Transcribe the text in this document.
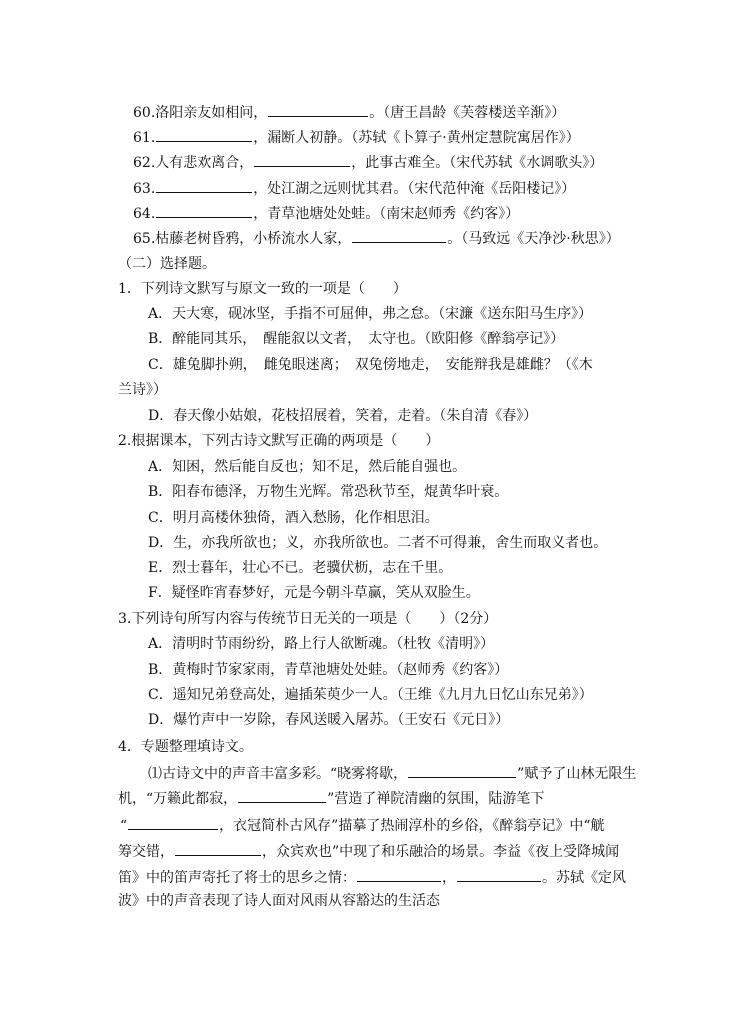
60.洛阳亲友如相问，	。（唐王昌龄《芙蓉楼送辛渐》）
61.	，漏断人初静。（苏轼《卜算子·黄州定慧院寓居作》）
62.人有悲欢离合，	，此事古难全。（宋代苏轼《水调歌头》）
63.	，处江湖之远则忧其君。（宋代范仲淹《岳阳楼记》）
64.	，青草池塘处处蛙。（南宋赵师秀《约客》）
65.枯藤老树昏鸦，小桥流水人家，	。（马致远《天净沙·秋思》）
（二）选择题。
1．下列诗文默写与原文一致的一项是（　　）
A．天大寒，砚冰坚，手指不可屈伸，弗之怠。（宋濂《送东阳马生序》）
B．醉能同其乐，　醒能叙以文者，　太守也。（欧阳修《醉翁亭记》）
C．雄兔脚扑朔，　雌兔眼迷离；　双兔傍地走，　安能辩我是雄雌？（《木
兰诗》）
D．春天像小姑娘，花枝招展着，笑着，走着。（朱自清《春》）
2.根据课本，下列古诗文默写正确的两项是（　　）
A．知困，然后能自反也；知不足，然后能自强也。
B．阳春布德泽，万物生光辉。常恐秋节至，焜黄华叶衰。
C．明月高楼休独倚，酒入愁肠，化作相思泪。
D．生，亦我所欲也；义，亦我所欲也。二者不可得兼，舍生而取义者也。
E．烈士暮年，壮心不已。老骥伏枥，志在千里。
F．疑怪昨宵春梦好，元是今朝斗草赢，笑从双脸生。
3.下列诗句所写内容与传统节日无关的一项是（　　）（2分）
A．清明时节雨纷纷，路上行人欲断魂。（杜牧《清明》）
B．黄梅时节家家雨，青草池塘处处蛙。（赵师秀《约客》）
C．遥知兄弟登高处，遍插茱萸少一人。（王维《九月九日忆山东兄弟》）
D．爆竹声中一岁除，春风送暖入屠苏。（王安石《元日》）
4．专题整理填诗文。
⑴古诗文中的声音丰富多彩。“晓雾将歇，	”赋予了山林无限生
机，“万籁此都寂，	”营造了禅院清幽的氛围，陆游笔下
“	，衣冠简朴古风存”描摹了热闹淳朴的乡俗，《醉翁亭记》中“觥
筹交错，	，众宾欢也”中现了和乐融洽的场景。李益《夜上受降城闻
笛》中的笛声寄托了将士的思乡之情：	，	。苏轼《定风
波》中的声音表现了诗人面对风雨从容豁达的生活态
